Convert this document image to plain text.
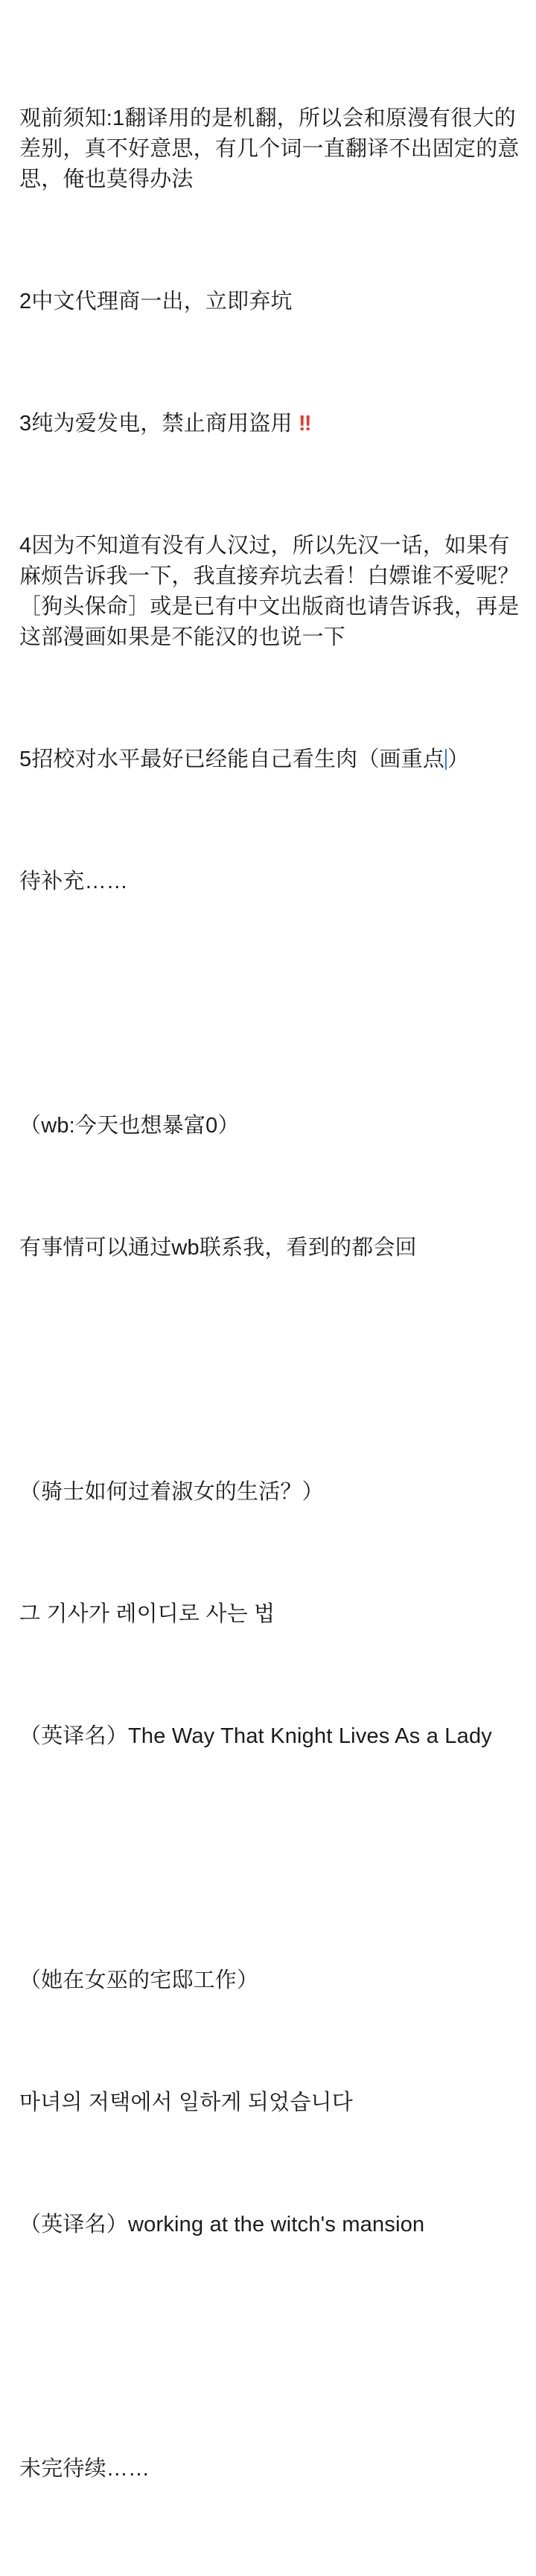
观前须知:1翻译用的是机翻，所以会和原漫有很大的差别，真不好意思，有几个词一直翻译不出固定的意思，俺也莫得办法

2中文代理商一出，立即弃坑

3纯为爱发电，禁止商用盗用 ‼

4因为不知道有没有人汉过，所以先汉一话，如果有麻烦告诉我一下，我直接弃坑去看！白嫖谁不爱呢？［狗头保命］或是已有中文出版商也请告诉我，再是这部漫画如果是不能汉的也说一下

5招校对水平最好已经能自己看生肉（画重点 ）

待补充……

（wb:今天也想暴富0）

有事情可以通过wb联系我，看到的都会回

（骑士如何过着淑女的生活？）

그 기사가 레이디로 사는 법

（英译名）The Way That Knight Lives As a Lady

（她在女巫的宅邸工作）

마녀의 저택에서 일하게 되었습니다

（英译名）working at the witch's mansion

未完待续……
